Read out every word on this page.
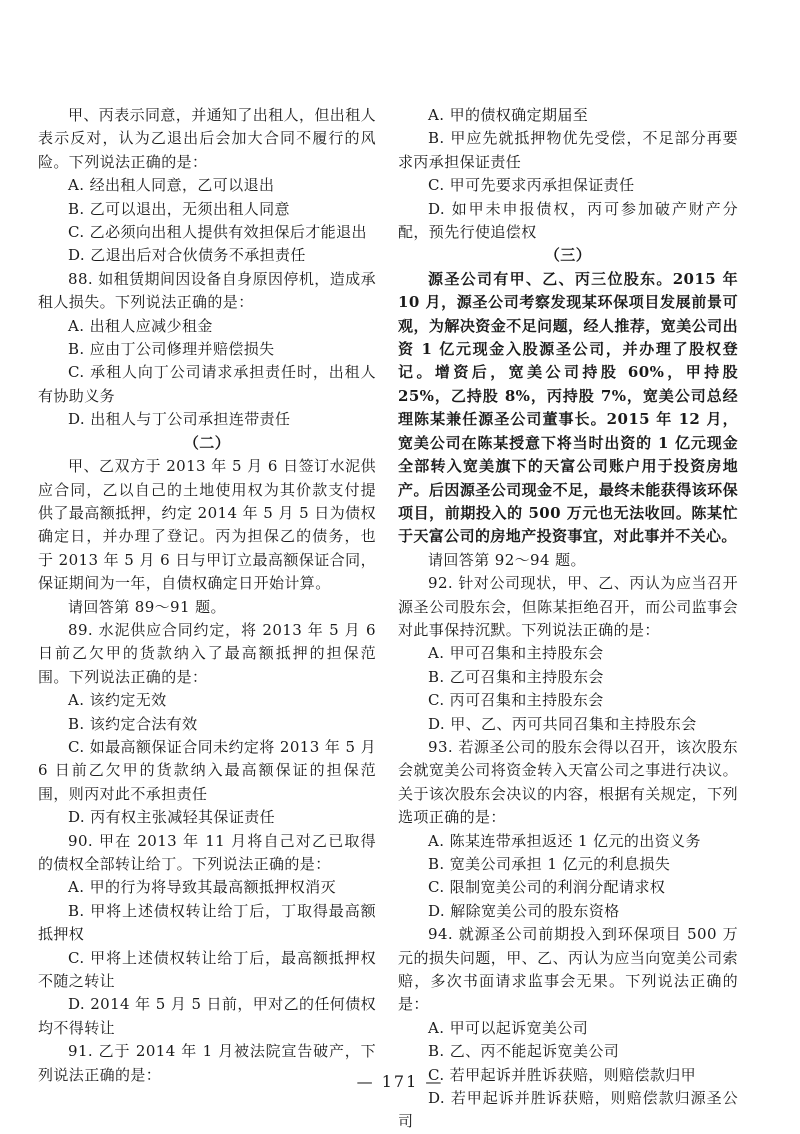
甲、丙表示同意，并通知了出租人，但出租人表示反对，认为乙退出后会加大合同不履行的风险。下列说法正确的是：

A. 经出租人同意，乙可以退出

B. 乙可以退出，无须出租人同意

C. 乙必须向出租人提供有效担保后才能退出

D. 乙退出后对合伙债务不承担责任

88. 如租赁期间因设备自身原因停机，造成承租人损失。下列说法正确的是：

A. 出租人应减少租金

B. 应由丁公司修理并赔偿损失

C. 承租人向丁公司请求承担责任时，出租人有协助义务

D. 出租人与丁公司承担连带责任

（二）

甲、乙双方于 2013 年 5 月 6 日签订水泥供应合同，乙以自己的土地使用权为其价款支付提供了最高额抵押，约定 2014 年 5 月 5 日为债权确定日，并办理了登记。丙为担保乙的债务，也于 2013 年 5 月 6 日与甲订立最高额保证合同，保证期间为一年，自债权确定日开始计算。

请回答第 89～91 题。

89. 水泥供应合同约定，将 2013 年 5 月 6 日前乙欠甲的货款纳入了最高额抵押的担保范围。下列说法正确的是：

A. 该约定无效

B. 该约定合法有效

C. 如最高额保证合同未约定将 2013 年 5 月 6 日前乙欠甲的货款纳入最高额保证的担保范围，则丙对此不承担责任

D. 丙有权主张减轻其保证责任

90. 甲在 2013 年 11 月将自己对乙已取得的债权全部转让给丁。下列说法正确的是：

A. 甲的行为将导致其最高额抵押权消灭

B. 甲将上述债权转让给丁后，丁取得最高额抵押权

C. 甲将上述债权转让给丁后，最高额抵押权不随之转让

D. 2014 年 5 月 5 日前，甲对乙的任何债权均不得转让

91. 乙于 2014 年 1 月被法院宣告破产，下列说法正确的是：

A. 甲的债权确定期届至

B. 甲应先就抵押物优先受偿，不足部分再要求丙承担保证责任

C. 甲可先要求丙承担保证责任

D. 如甲未申报债权，丙可参加破产财产分配，预先行使追偿权

（三）

源圣公司有甲、乙、丙三位股东。2015 年 10 月，源圣公司考察发现某环保项目发展前景可观，为解决资金不足问题，经人推荐，宽美公司出资 1 亿元现金入股源圣公司，并办理了股权登记。增资后，宽美公司持股 60%，甲持股 25%，乙持股 8%，丙持股 7%，宽美公司总经理陈某兼任源圣公司董事长。2015 年 12 月，宽美公司在陈某授意下将当时出资的 1 亿元现金全部转入宽美旗下的天富公司账户用于投资房地产。后因源圣公司现金不足，最终未能获得该环保项目，前期投入的 500 万元也无法收回。陈某忙于天富公司的房地产投资事宜，对此事并不关心。

请回答第 92～94 题。

92. 针对公司现状，甲、乙、丙认为应当召开源圣公司股东会，但陈某拒绝召开，而公司监事会对此事保持沉默。下列说法正确的是：

A. 甲可召集和主持股东会

B. 乙可召集和主持股东会

C. 丙可召集和主持股东会

D. 甲、乙、丙可共同召集和主持股东会

93. 若源圣公司的股东会得以召开，该次股东会就宽美公司将资金转入天富公司之事进行决议。关于该次股东会决议的内容，根据有关规定，下列选项正确的是：

A. 陈某连带承担返还 1 亿元的出资义务

B. 宽美公司承担 1 亿元的利息损失

C. 限制宽美公司的利润分配请求权

D. 解除宽美公司的股东资格

94. 就源圣公司前期投入到环保项目 500 万元的损失问题，甲、乙、丙认为应当向宽美公司索赔，多次书面请求监事会无果。下列说法正确的是：

A. 甲可以起诉宽美公司

B. 乙、丙不能起诉宽美公司

C. 若甲起诉并胜诉获赔，则赔偿款归甲

D. 若甲起诉并胜诉获赔，则赔偿款归源圣公司

— 171 —
